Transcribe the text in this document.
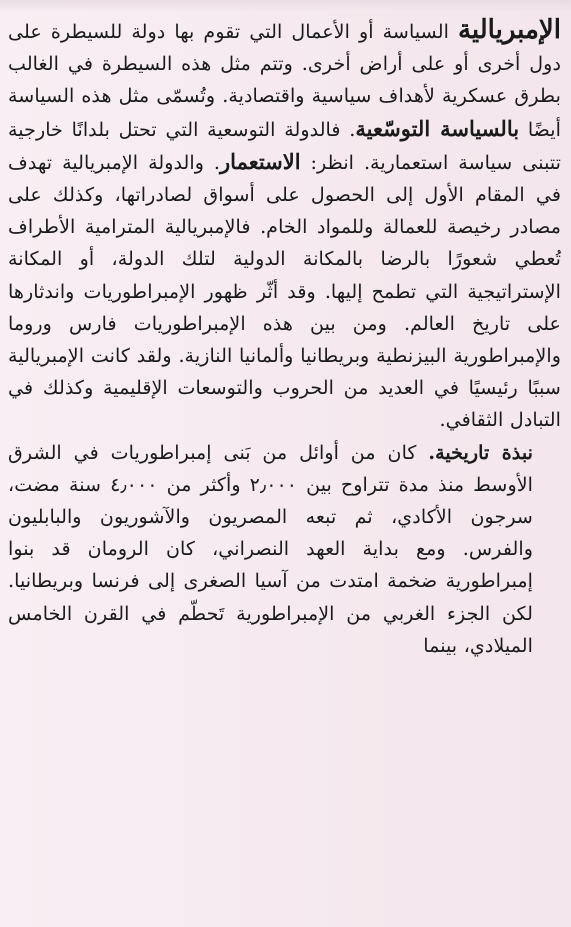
الإمبريالية السياسة أو الأعمال التي تقوم بها دولة للسيطرة على دول أخرى أو على أراض أخرى. وتتم مثل هذه السيطرة في الغالب بطرق عسكرية لأهداف سياسية واقتصادية. وتُسمّى مثل هذه السياسة أيضًا بالسياسة التوسّعية. فالدولة التوسعية التي تحتل بلدانًا خارجية تتبنى سياسة استعمارية. انظر: الاستعمار. والدولة الإمبريالية تهدف في المقام الأول إلى الحصول على أسواق لصادراتها، وكذلك على مصادر رخيصة للعمالة وللمواد الخام. فالإمبريالية المترامية الأطراف تُعطي شعورًا بالرضا بالمكانة الدولية لتلك الدولة، أو المكانة الإستراتيجية التي تطمح إليها. وقد أثّر ظهور الإمبراطوريات واندثارها على تاريخ العالم. ومن بين هذه الإمبراطوريات فارس وروما والإمبراطورية البيزنطية وبريطانيا وألمانيا النازية. ولقد كانت الإمبريالية سببًا رئيسيًا في العديد من الحروب والتوسعات الإقليمية وكذلك في التبادل الثقافي.

نبذة تاريخية. كان من أوائل من بَنى إمبراطوريات في الشرق الأوسط منذ مدة تتراوح بين ٢٫٠٠٠ وأكثر من ٤٫٠٠٠ سنة مضت، سرجون الأكادي، ثم تبعه المصريون والآشوريون والبابليون والفرس. ومع بداية العهد النصراني، كان الرومان قد بنوا إمبراطورية ضخمة امتدت من آسيا الصغرى إلى فرنسا وبريطانيا. لكن الجزء الغربي من الإمبراطورية تَحطّم في القرن الخامس الميلادي، بينما
